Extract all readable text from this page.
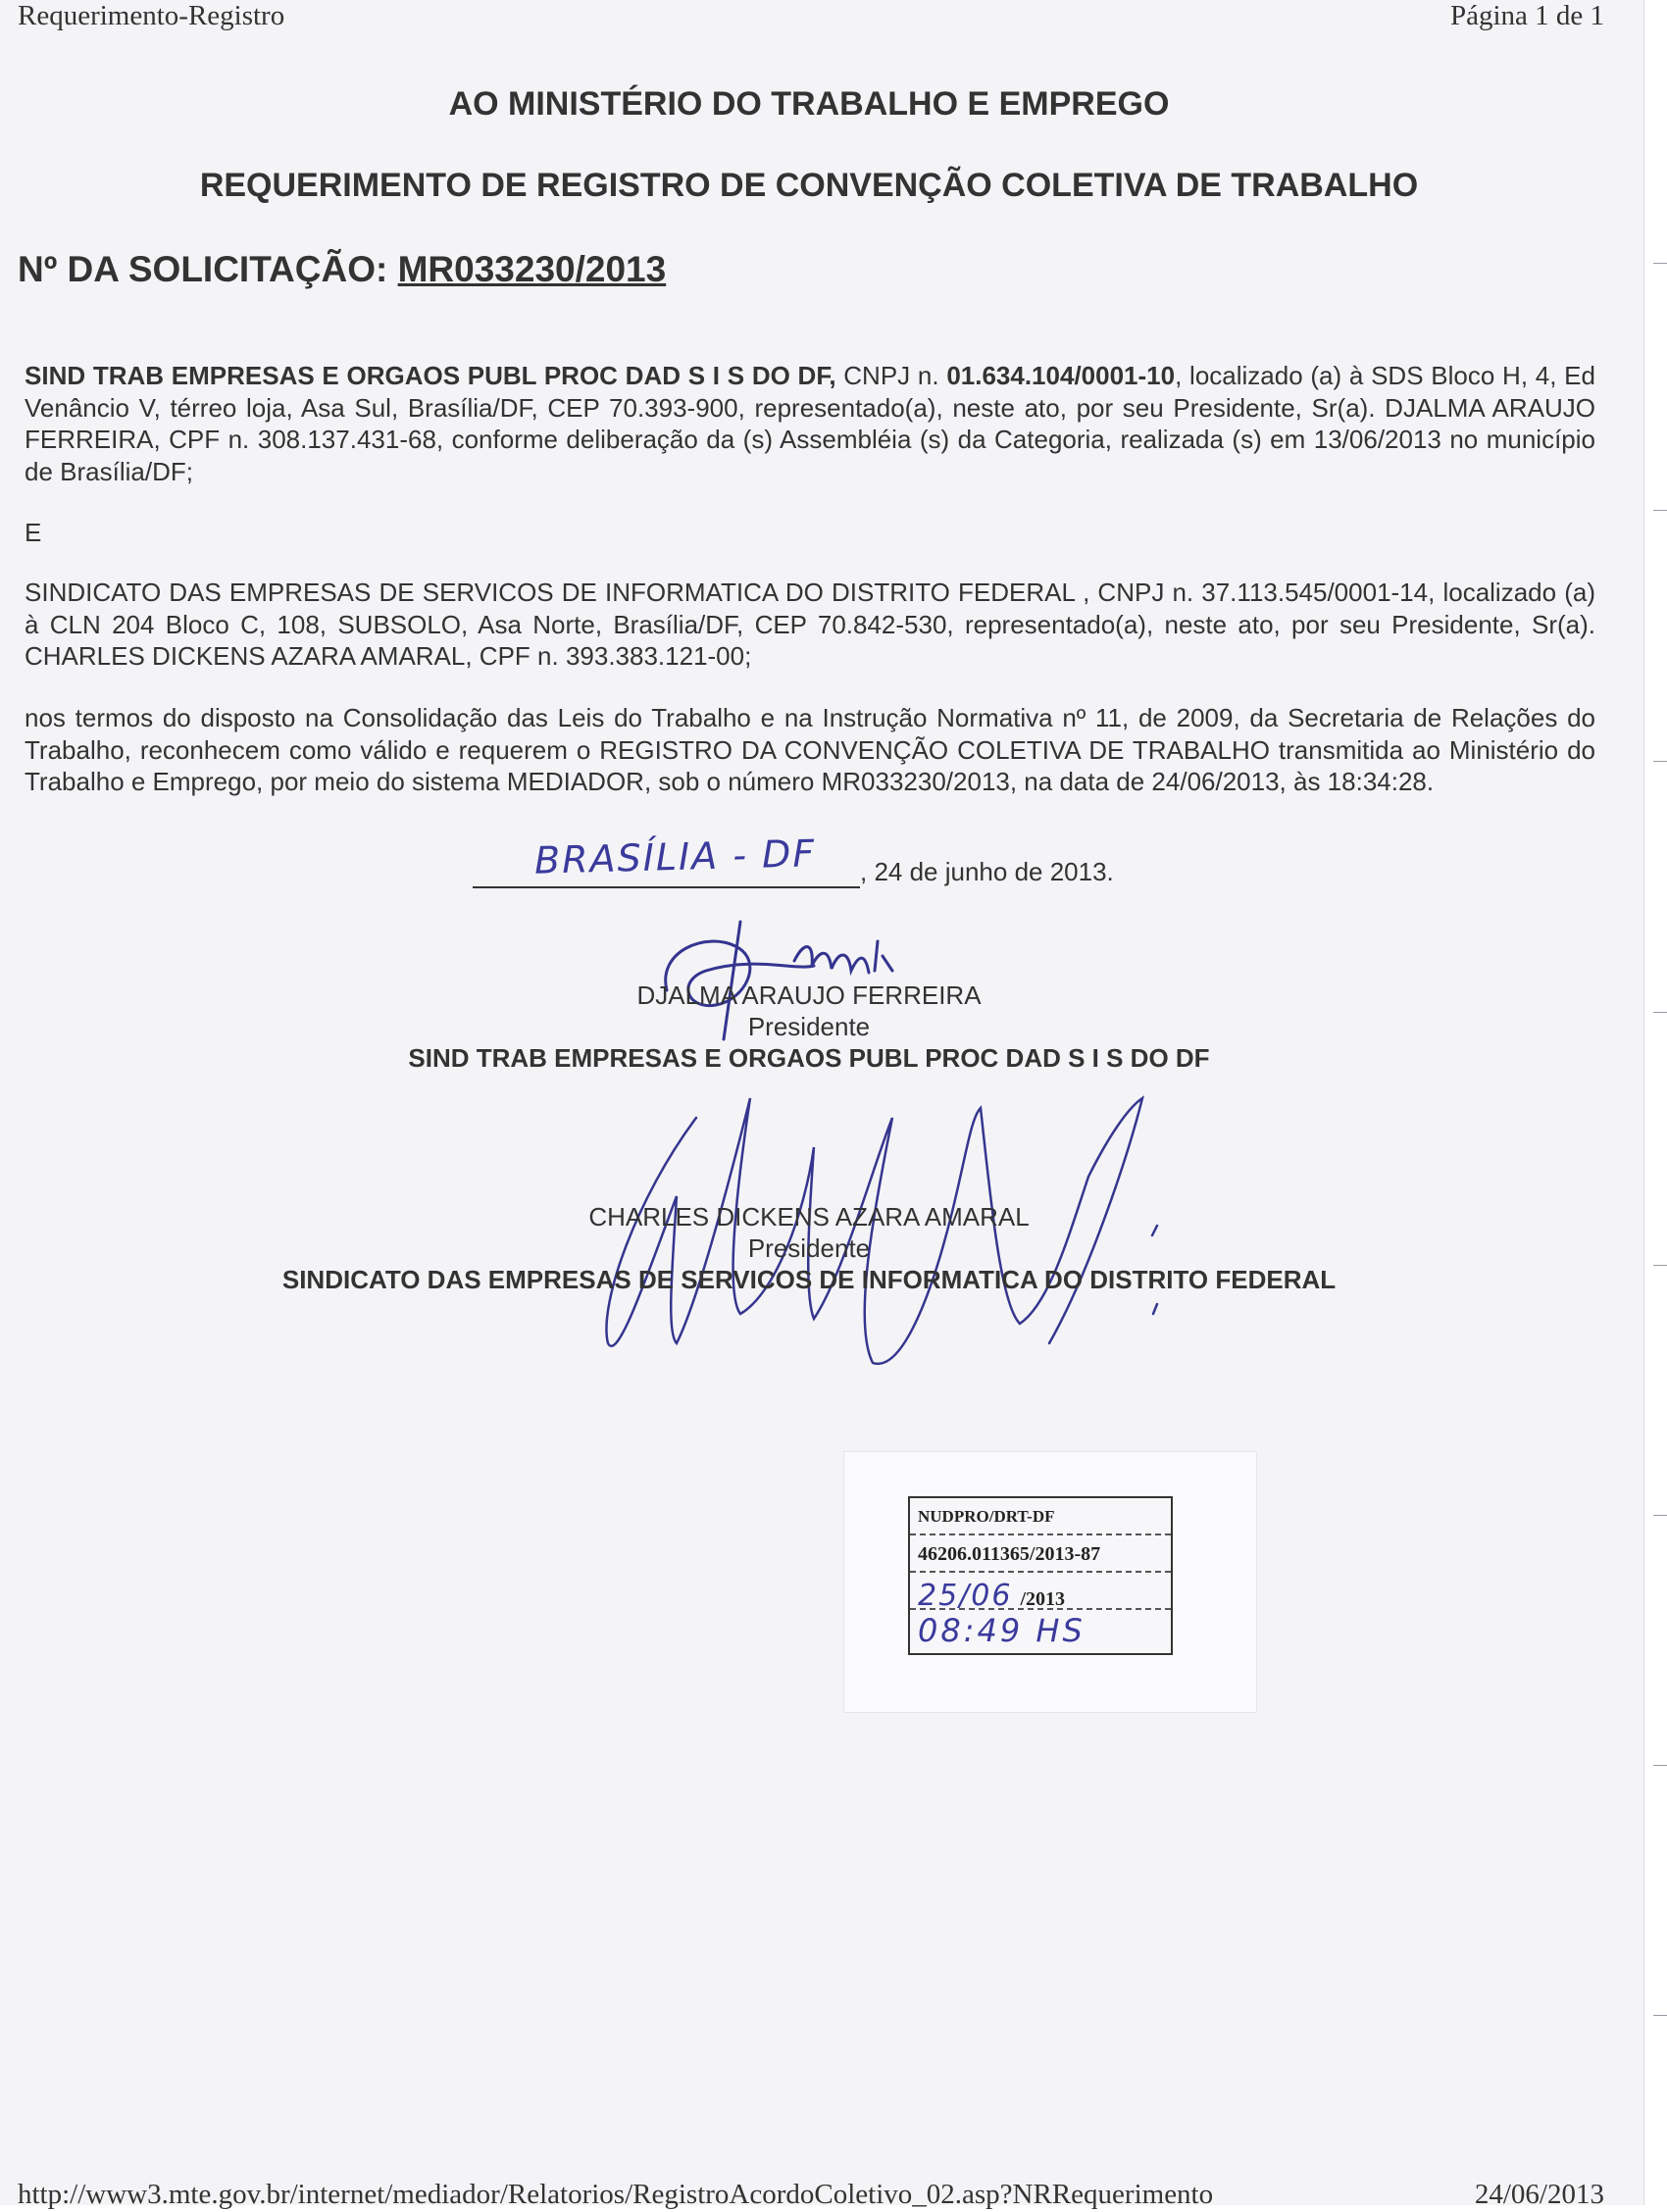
Requerimento-Registro	Página 1 de 1
AO MINISTÉRIO DO TRABALHO E EMPREGO
REQUERIMENTO DE REGISTRO DE CONVENÇÃO COLETIVA DE TRABALHO
Nº DA SOLICITAÇÃO: MR033230/2013
SIND TRAB EMPRESAS E ORGAOS PUBL PROC DAD S I S DO DF, CNPJ n. 01.634.104/0001-10, localizado (a) à SDS Bloco H, 4, Ed Venâncio V, térreo loja, Asa Sul, Brasília/DF, CEP 70.393-900, representado(a), neste ato, por seu Presidente, Sr(a). DJALMA ARAUJO FERREIRA, CPF n. 308.137.431-68, conforme deliberação da (s) Assembléia (s) da Categoria, realizada (s) em 13/06/2013 no município de Brasília/DF;
E
SINDICATO DAS EMPRESAS DE SERVICOS DE INFORMATICA DO DISTRITO FEDERAL , CNPJ n. 37.113.545/0001-14, localizado (a) à CLN 204 Bloco C, 108, SUBSOLO, Asa Norte, Brasília/DF, CEP 70.842-530, representado(a), neste ato, por seu Presidente, Sr(a). CHARLES DICKENS AZARA AMARAL, CPF n. 393.383.121-00;
nos termos do disposto na Consolidação das Leis do Trabalho e na Instrução Normativa nº 11, de 2009, da Secretaria de Relações do Trabalho, reconhecem como válido e requerem o REGISTRO DA CONVENÇÃO COLETIVA DE TRABALHO transmitida ao Ministério do Trabalho e Emprego, por meio do sistema MEDIADOR, sob o número MR033230/2013, na data de 24/06/2013, às 18:34:28.
BRASÍLIA - DF , 24 de junho de 2013.
DJALMA ARAUJO FERREIRA
Presidente
SIND TRAB EMPRESAS E ORGAOS PUBL PROC DAD S I S DO DF
CHARLES DICKENS AZARA AMARAL
Presidente
SINDICATO DAS EMPRESAS DE SERVICOS DE INFORMATICA DO DISTRITO FEDERAL
NUDPRO/DRT-DF
46206.011365/2013-87
25/06 /2013
08:49 HS
http://www3.mte.gov.br/internet/mediador/Relatorios/RegistroAcordoColetivo_02.asp?NRRequerimento	24/06/2013
